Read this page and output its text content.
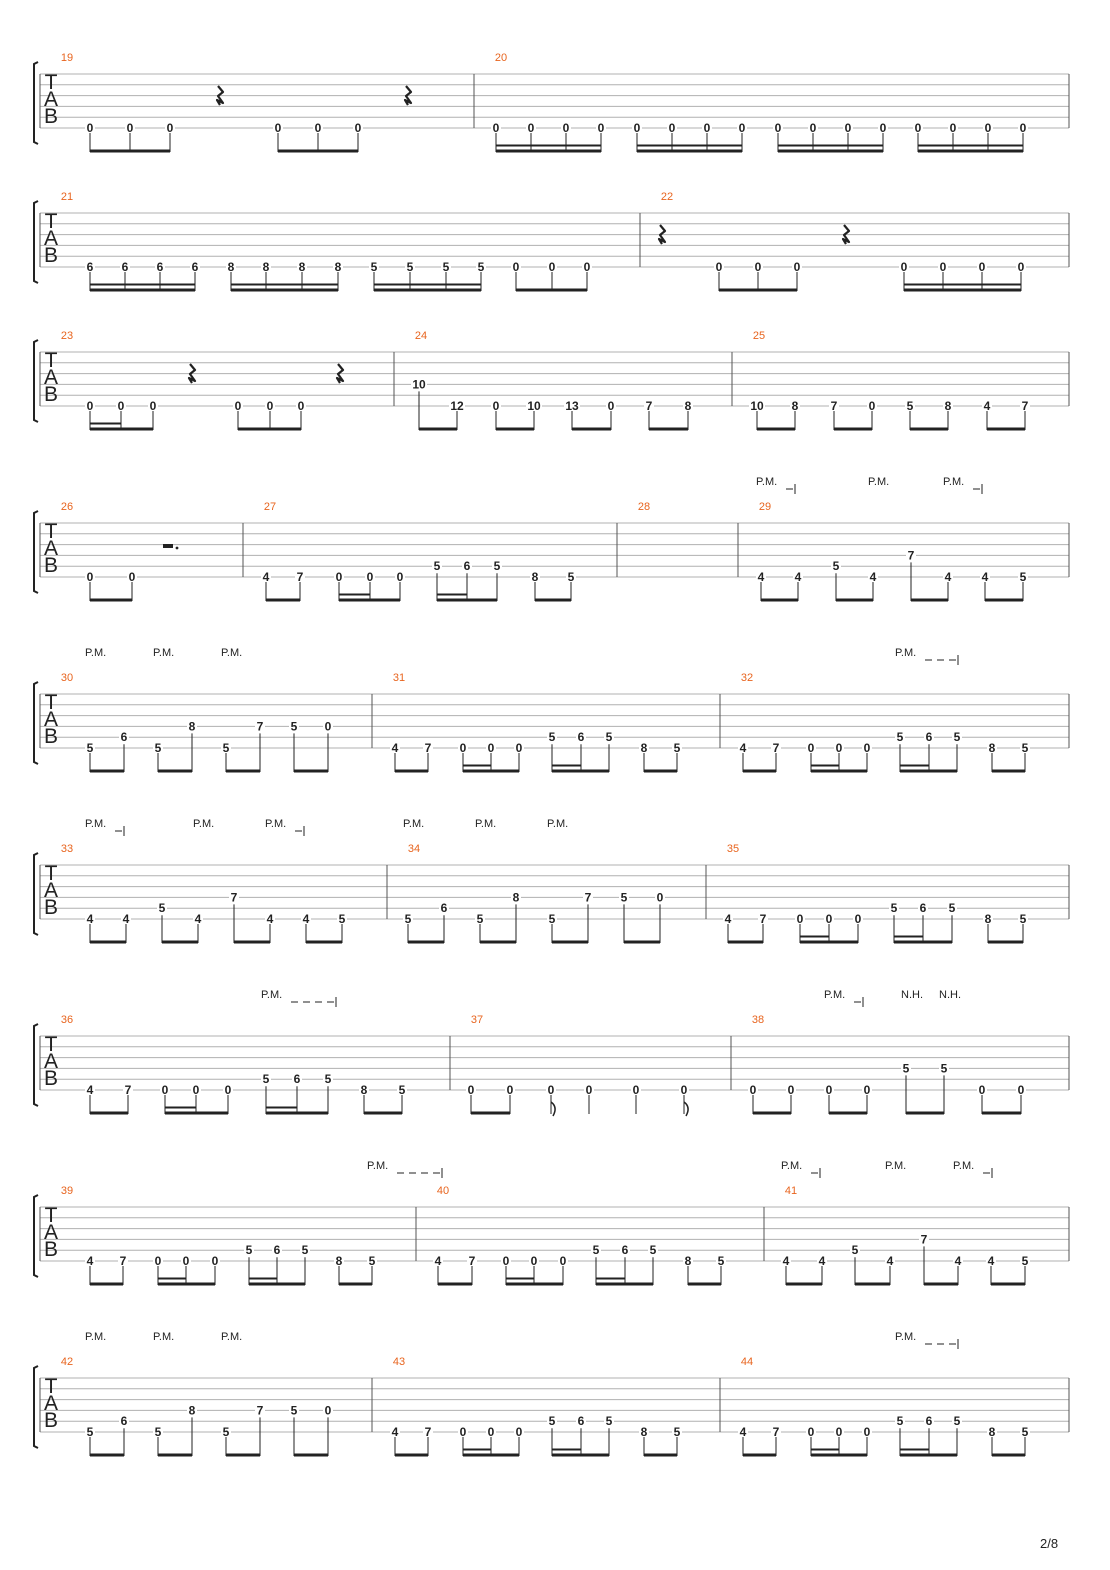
T
A
B
19
0	0	0	0	0	0
20
0 0 0 0 0 0 0 0 0 0 0 0 0 0 0 0
T
A
B
21
6 6 6 6 8 8 8 8 5 5 5 5 0 0 0
22
0	0	0	0	0	0	0
T
A
B
23
0 0 0	0 0 0
24
10
12 0 10 13 0	7	8
25
10 8	7	0	5	8	4	7
T
A
B
26
0	0
27
4 7	0 0 0
5 6 5
8 5
28	29
4	4
5
4
7
4	4	5
P.M.	P.M.	P.M.
T
A
B
30
5
6
5
8
5
7 5 0
31
4 7 0 0 0
5 6 5
8 5
32
4 7 0 0 0
5 6 5
8 5
P.M.	P.M.	P.M.	P.M.
T
A
B
33
4 4
5
4
7
4 4 5
34
5
6
5
8
5
7 5 0
35
4 7	0 0 0
5 6 5
8 5
P.M.	P.M.	P.M.	P.M.	P.M.	P.M.
T
A
B
36
4	7	0 0 0
5 6 5
8	5
37
0	0	0	0	0	0
38
0	0	0	0
5	5
0	0
P.M.	P.M.	N.H. N.H.
T
A
B
39
4 7 0 0 0
5 6 5
8 5
40
4 7 0 0 0
5 6 5
8 5
41
4 4
5
4
7
4 4 5
P.M.	P.M.	P.M.	P.M.
T
A
B
42
5
6
5
8
5
7 5 0
43
4 7 0 0 0
5 6 5
8 5
44
4 7 0 0 0
5 6 5
8 5
P.M.	P.M.	P.M.	P.M.
2/8
